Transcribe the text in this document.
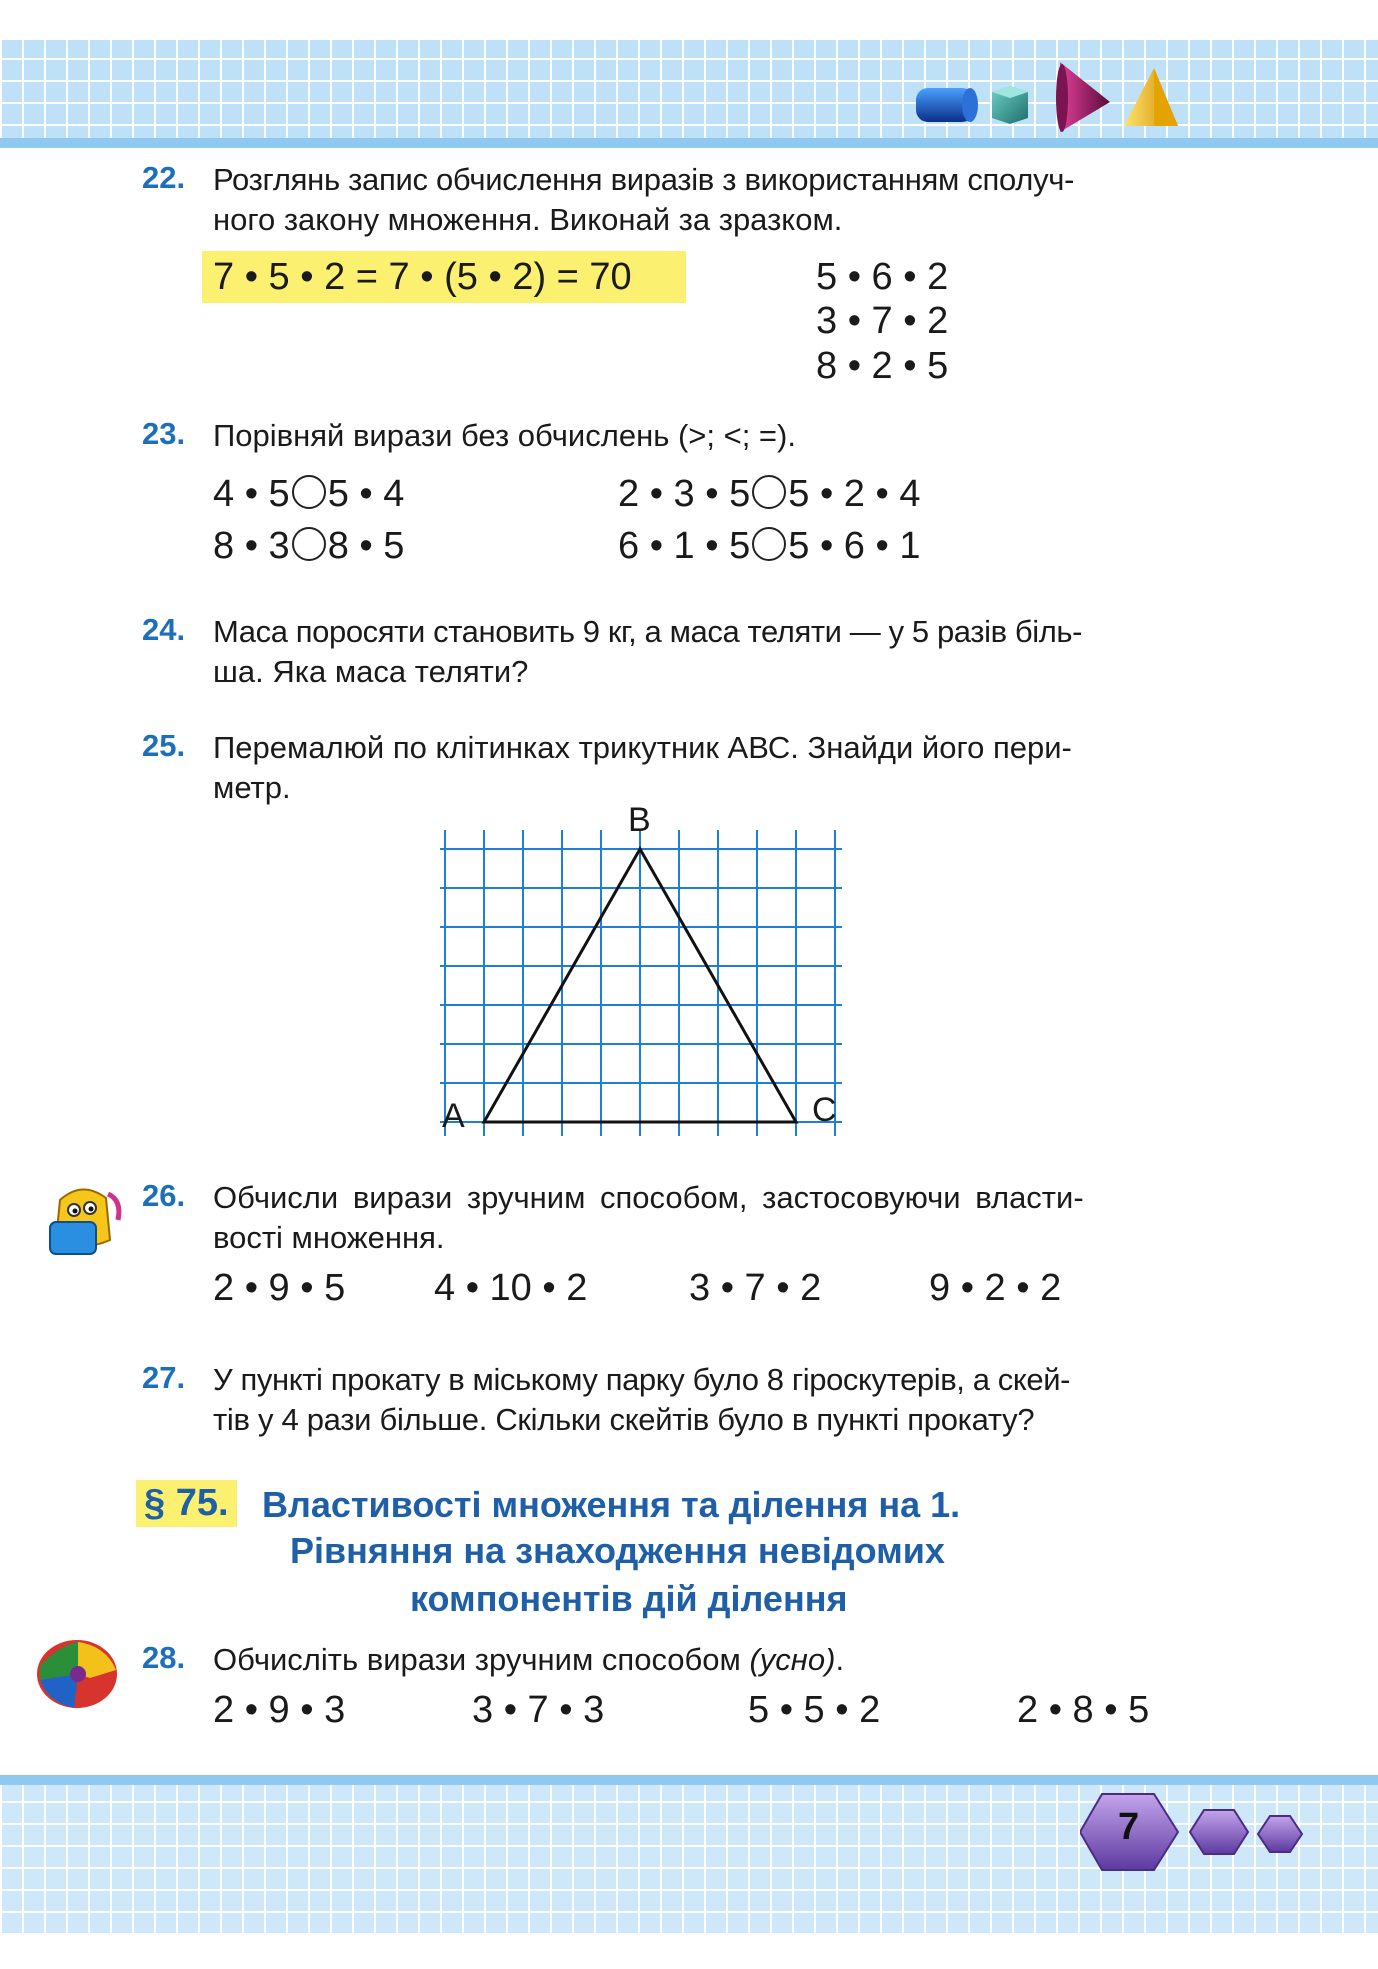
22. Розглянь запис обчислення виразів з використанням сполуч-
ного закону множення. Виконай за зразком.
7 • 5 • 2 = 7 • (5 • 2) = 70	5 • 6 • 2
3 • 7 • 2
8 • 2 • 5
23. Порівняй вирази без обчислень (>; <; =).
4 • 5 5 • 4	2 • 3 • 5 5 • 2 • 4
8 • 3 8 • 5	6 • 1 • 5 5 • 6 • 1
24. Маса поросяти становить 9 кг, а маса теляти — у 5 разів біль-
ша. Яка маса теляти?
25. Перемалюй по клітинках трикутник АВС. Знайди його пери-
метр.
B
A	C
26. Обчисли вирази зручним способом, застосовуючи власти-
вості множення.
2 • 9 • 5 4 • 10 • 2	3 • 7 • 2	9 • 2 • 2
27. У пункті прокату в міському парку було 8 гіроскутерів, а скей-
тів у 4 рази більше. Скільки скейтів було в пункті прокату?
§ 75. Властивості множення та ділення на 1.
Рівняння на знаходження невідомих
компонентів дій ділення
28. Обчисліть вирази зручним способом (усно).
2 • 9 • 3	3 • 7 • 3	5 • 5 • 2	2 • 8 • 5
7
